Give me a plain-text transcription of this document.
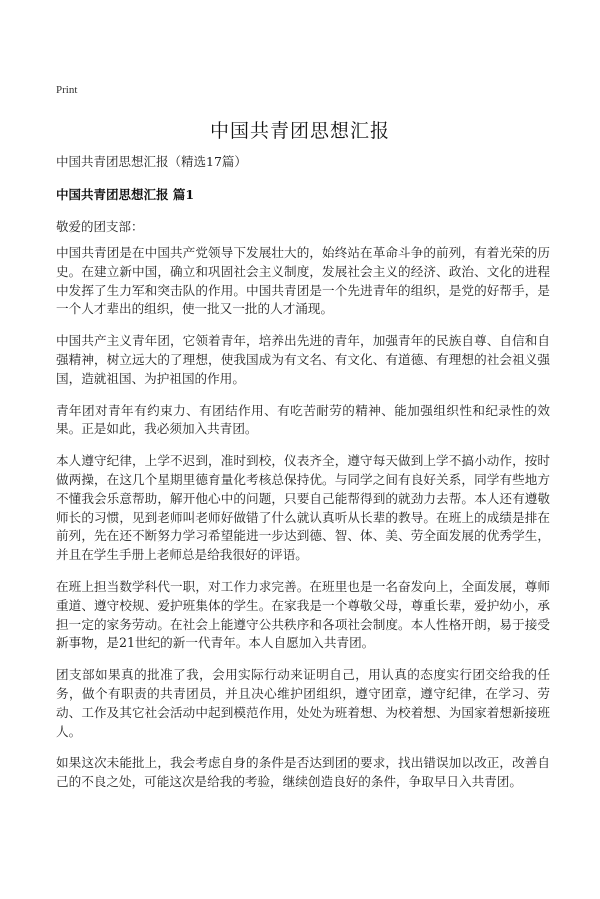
Print
中国共青团思想汇报
中国共青团思想汇报（精选17篇）
中国共青团思想汇报 篇1
敬爱的团支部：

中国共青团是在中国共产党领导下发展壮大的，始终站在革命斗争的前列，有着光荣的历史。在建立新中国，确立和巩固社会主义制度，发展社会主义的经济、政治、文化的进程中发挥了生力军和突击队的作用。中国共青团是一个先进青年的组织，是党的好帮手，是一个人才辈出的组织，使一批又一批的人才涌现。

中国共产主义青年团，它领着青年，培养出先进的青年，加强青年的民族自尊、自信和自强精神，树立远大的了理想，使我国成为有文名、有文化、有道德、有理想的社会祖义强国，造就祖国、为护祖国的作用。

青年团对青年有约束力、有团结作用、有吃苦耐劳的精神、能加强组织性和纪录性的效果。正是如此，我必须加入共青团。

本人遵守纪律，上学不迟到，准时到校，仪表齐全，遵守每天做到上学不搞小动作，按时做两操，在这几个星期里德育量化考核总保持优。与同学之间有良好关系，同学有些地方不懂我会乐意帮助，解开他心中的问题，只要自己能帮得到的就劲力去帮。本人还有遵敬师长的习惯，见到老师叫老师好做错了什么就认真听从长辈的教导。在班上的成绩是排在前列，先在还不断努力学习希望能进一步达到德、智、体、美、劳全面发展的优秀学生，并且在学生手册上老师总是给我很好的评语。

在班上担当数学科代一职，对工作力求完善。在班里也是一名奋发向上，全面发展，尊师重道、遵守校规、爱护班集体的学生。在家我是一个尊敬父母，尊重长辈，爱护幼小，承担一定的家务劳动。在社会上能遵守公共秩序和各项社会制度。本人性格开朗，易于接受新事物，是21世纪的新一代青年。本人自愿加入共青团。

团支部如果真的批准了我，会用实际行动来证明自己，用认真的态度实行团交给我的任务，做个有职责的共青团员，并且决心维护团组织，遵守团章，遵守纪律，在学习、劳动、工作及其它社会活动中起到模范作用，处处为班着想、为校着想、为国家着想新接班人。

如果这次未能批上，我会考虑自身的条件是否达到团的要求，找出错误加以改正，改善自己的不良之处，可能这次是给我的考验，继续创造良好的条件，争取早日入共青团。
